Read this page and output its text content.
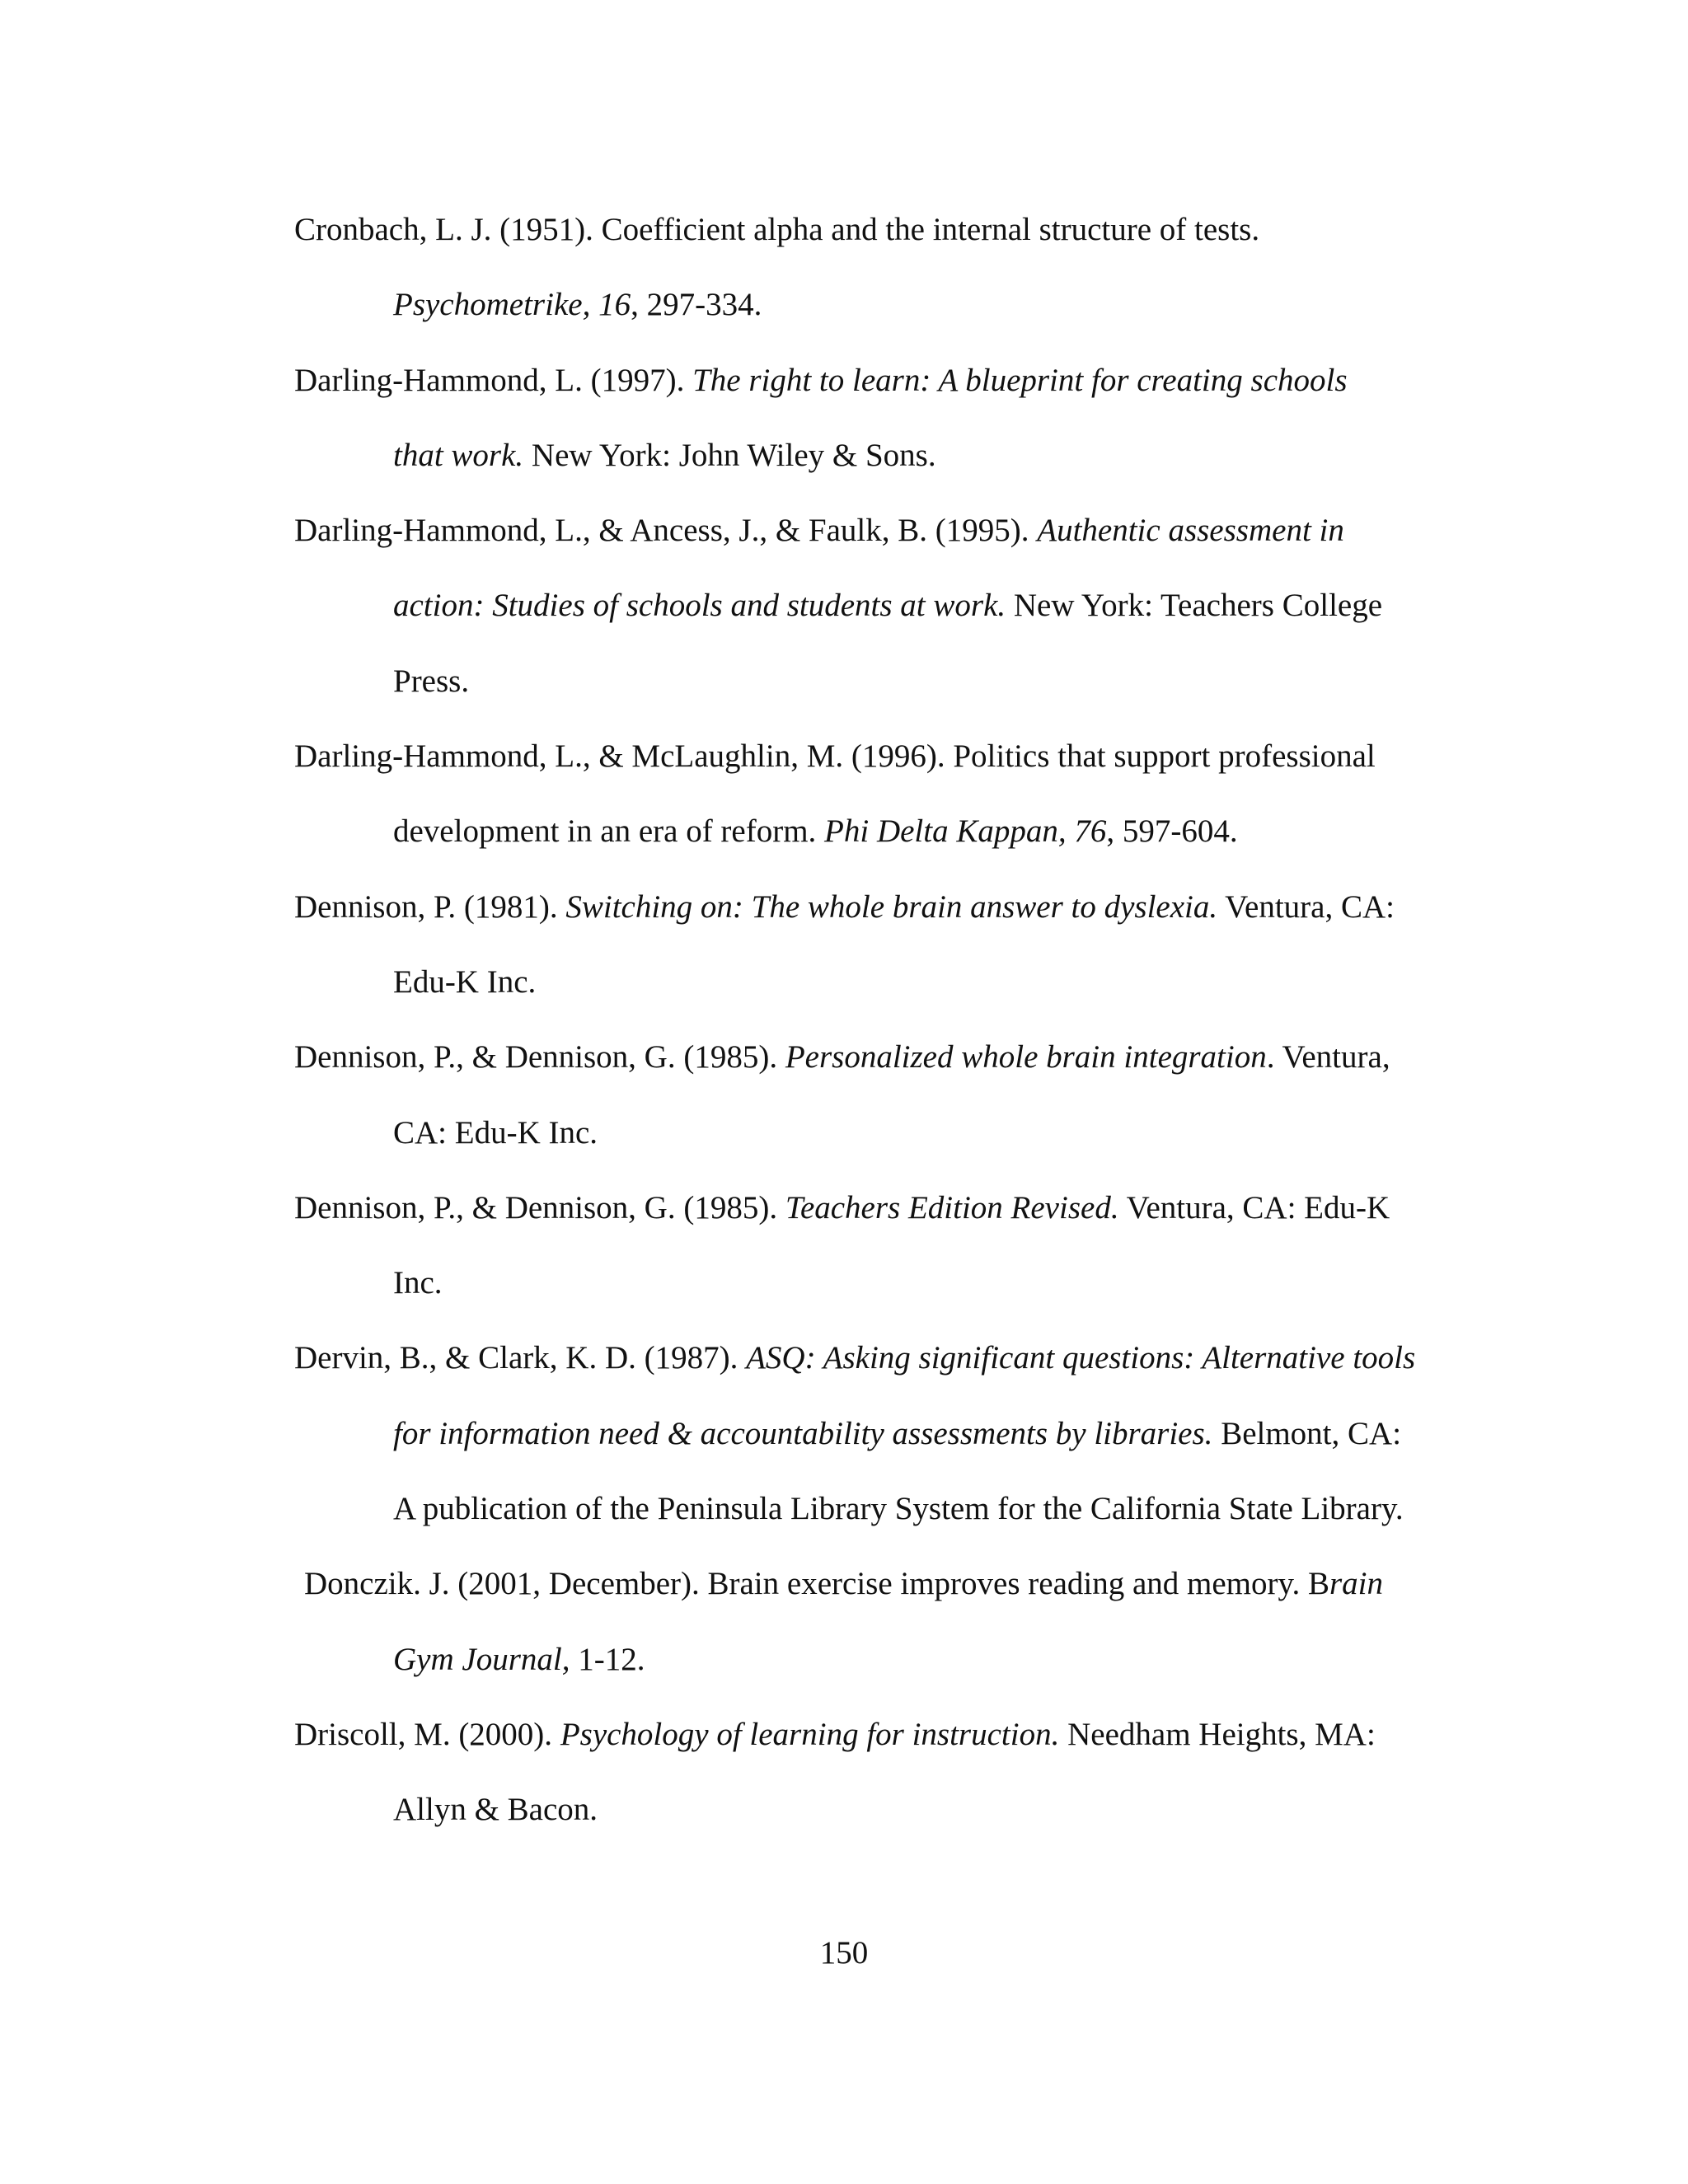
Cronbach, L. J. (1951). Coefficient alpha and the internal structure of tests.
Psychometrike, 16, 297-334.
Darling-Hammond, L. (1997). The right to learn: A blueprint for creating schools
that work. New York: John Wiley & Sons.
Darling-Hammond, L., & Ancess, J., & Faulk, B. (1995). Authentic assessment in
action: Studies of schools and students at work. New York: Teachers College
Press.
Darling-Hammond, L., & McLaughlin, M. (1996). Politics that support professional
development in an era of reform. Phi Delta Kappan, 76, 597-604.
Dennison, P. (1981). Switching on: The whole brain answer to dyslexia. Ventura, CA:
Edu-K Inc.
Dennison, P., & Dennison, G. (1985). Personalized whole brain integration. Ventura,
CA: Edu-K Inc.
Dennison, P., & Dennison, G. (1985). Teachers Edition Revised. Ventura, CA: Edu-K
Inc.
Dervin, B., & Clark, K. D. (1987). ASQ: Asking significant questions: Alternative tools
for information need & accountability assessments by libraries. Belmont, CA:
A publication of the Peninsula Library System for the California State Library.
Donczik. J. (2001, December). Brain exercise improves reading and memory. Brain
Gym Journal, 1-12.
Driscoll, M. (2000). Psychology of learning for instruction. Needham Heights, MA:
Allyn & Bacon.
150
